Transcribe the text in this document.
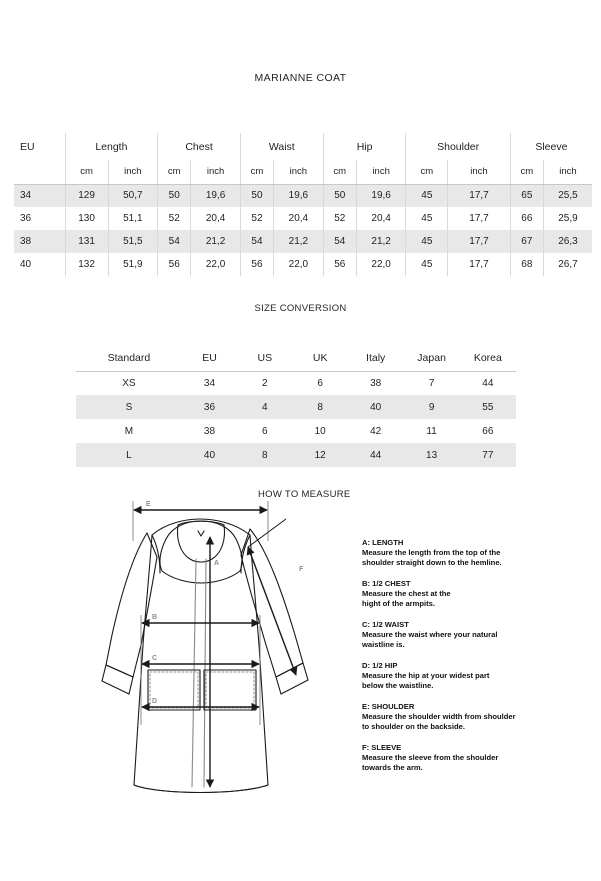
MARIANNE COAT
EU	Length		Chest		Waist		Hip		Shoulder		Sleeve	
	cm	inch	cm	inch	cm	inch	cm	inch	cm	inch	cm	inch
34	129	50,7	50	19,6	50	19,6	50	19,6	45	17,7	65	25,5
36	130	51,1	52	20,4	52	20,4	52	20,4	45	17,7	66	25,9
38	131	51,5	54	21,2	54	21,2	54	21,2	45	17,7	67	26,3
40	132	51,9	56	22,0	56	22,0	56	22,0	45	17,7	68	26,7
SIZE CONVERSION
Standard	EU	US	UK	Italy	Japan	Korea
XS	34	2	6	38	7	44
S	36	4	8	40	9	55
M	38	6	10	42	11	66
L	40	8	12	44	13	77
HOW TO MEASURE
E
A
F
B
C
D
A: LENGTH
Measure the length from the top of the
shoulder straight down to the hemline.
B: 1/2 CHEST
Measure the chest at the
hight of the armpits.
C: 1/2 WAIST
Measure the waist where your natural
waistline is.
D: 1/2 HIP
Measure the hip at your widest part
below the waistline.
E: SHOULDER
Measure the shoulder width from shoulder
to shoulder on the backside.
F: SLEEVE
Measure the sleeve from the shoulder
towards the arm.
